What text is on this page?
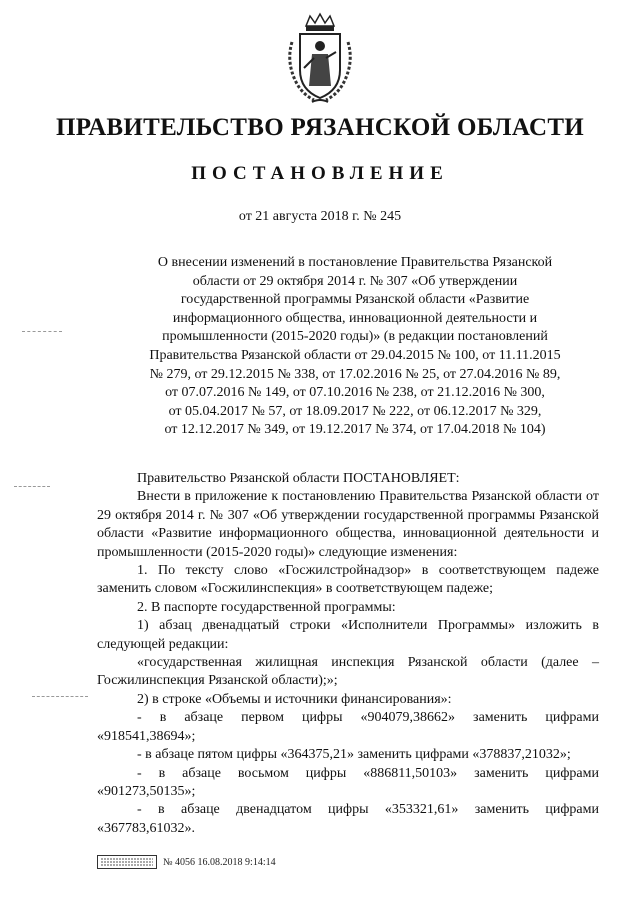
ПРАВИТЕЛЬСТВО РЯЗАНСКОЙ ОБЛАСТИ
ПОСТАНОВЛЕНИЕ
от 21 августа 2018 г. № 245
О внесении изменений в постановление Правительства Рязанской
области от 29 октября 2014 г. № 307 «Об утверждении
государственной программы Рязанской области «Развитие
информационного общества, инновационной деятельности и
промышленности (2015-2020 годы)» (в редакции постановлений
Правительства Рязанской области от 29.04.2015 № 100, от 11.11.2015
№ 279, от 29.12.2015 № 338, от 17.02.2016 № 25, от 27.04.2016 № 89,
от 07.07.2016 № 149, от 07.10.2016 № 238, от 21.12.2016 № 300,
от 05.04.2017 № 57, от 18.09.2017 № 222, от 06.12.2017 № 329,
от 12.12.2017 № 349, от 19.12.2017 № 374, от 17.04.2018 № 104)

Правительство Рязанской области ПОСТАНОВЛЯЕТ:

Внести в приложение к постановлению Правительства Рязанской области от 29 октября 2014 г. № 307 «Об утверждении государственной программы Рязанской области «Развитие информационного общества, инновационной деятельности и промышленности (2015-2020 годы)» следующие изменения:

1. По тексту слово «Госжилстройнадзор» в соответствующем падеже заменить словом «Госжилинспекция» в соответствующем падеже;

2. В паспорте государственной программы:

1) абзац двенадцатый строки «Исполнители Программы» изложить в следующей редакции:

«государственная жилищная инспекция Рязанской области (далее – Госжилинспекция Рязанской области);»;

2) в строке «Объемы и источники финансирования»:

- в абзаце первом цифры «904079,38662» заменить цифрами «918541,38694»;

- в абзаце пятом цифры «364375,21» заменить цифрами «378837,21032»;

- в абзаце восьмом цифры «886811,50103» заменить цифрами «901273,50135»;

- в абзаце двенадцатом цифры «353321,61» заменить цифрами «367783,61032».

№ 4056 16.08.2018 9:14:14
